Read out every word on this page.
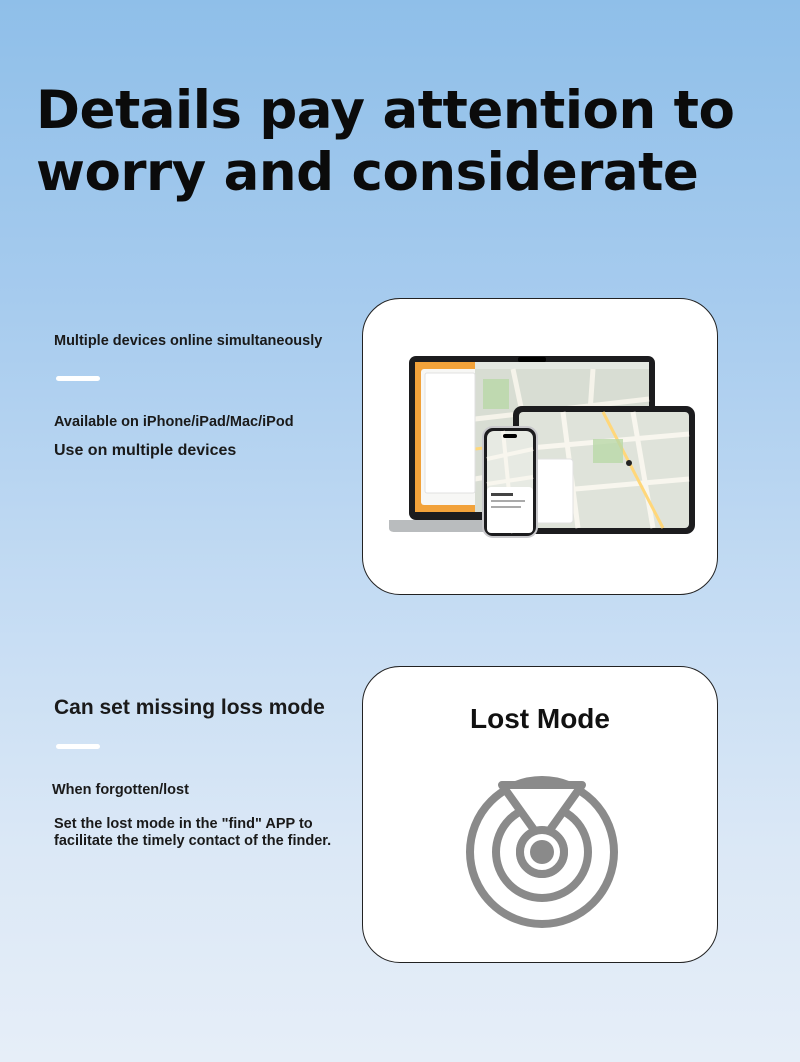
Details pay attention to
worry and considerate
Multiple devices online simultaneously
Available on iPhone/iPad/Mac/iPod
Use on multiple devices
Can set missing loss mode
When forgotten/lost
Set the lost mode in the "find" APP to
facilitate the timely contact of the finder.
Lost Mode
